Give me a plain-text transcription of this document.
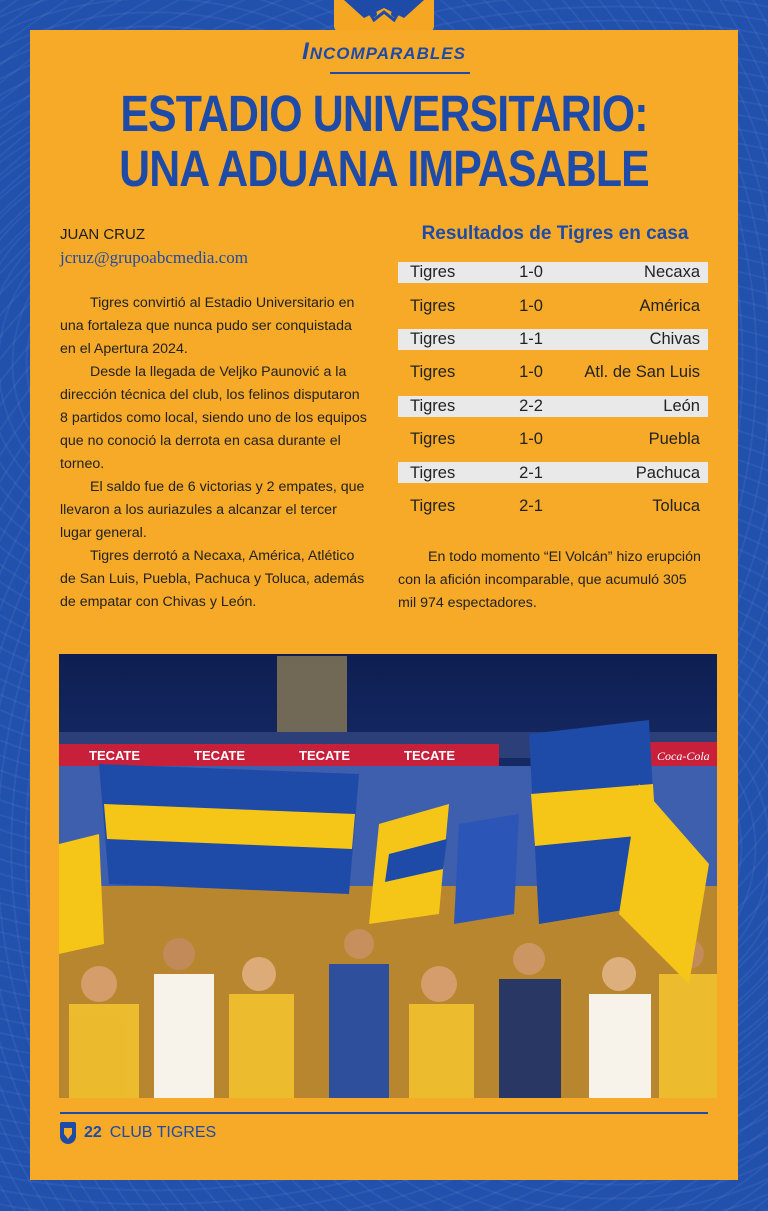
Incomparables
ESTADIO UNIVERSITARIO:
UNA ADUANA IMPASABLE
JUAN CRUZ
jcruz@grupoabcmedia.com

Tigres convirtió al Estadio Universitario en una fortaleza que nunca pudo ser conquistada en el Apertura 2024.

Desde la llegada de Veljko Paunović a la dirección técnica del club, los felinos disputaron 8 partidos como local, siendo uno de los equipos que no conoció la derrota en casa durante el torneo.

El saldo fue de 6 victorias y 2 empates, que llevaron a los auriazules a alcanzar el tercer lugar general.

Tigres derrotó a Necaxa, América, Atlético de San Luis, Puebla, Pachuca y Toluca, además de empatar con Chivas y León.

Resultados de Tigres en casa
Tigres	1-0	Necaxa
Tigres	1-0	América
Tigres	1-1	Chivas
Tigres	1-0	Atl. de San Luis
Tigres	2-2	León
Tigres	1-0	Puebla
Tigres	2-1	Pachuca
Tigres	2-1	Toluca

En todo momento “El Volcán” hizo erupción con la afición incomparable, que acumuló 305 mil 974 espectadores.

TECATE	TECATE	TECATE	TECATE	Coca-Cola
22 CLUB TIGRES
